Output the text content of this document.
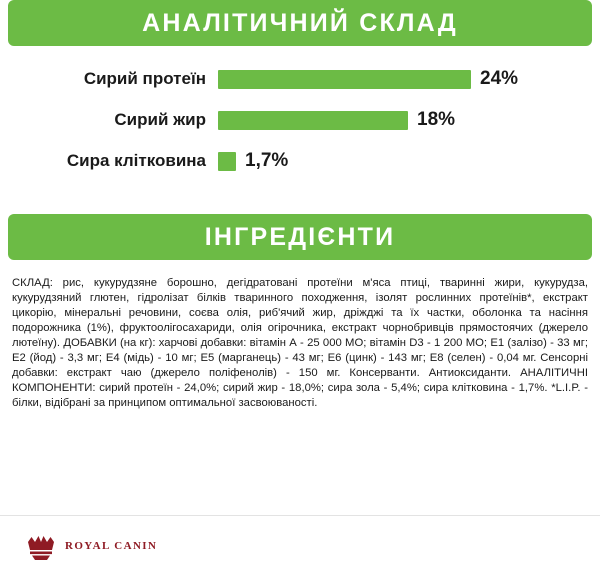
АНАЛІТИЧНИЙ СКЛАД
Сирий протеїн	24%
Сирий жир	18%
Сира клітковина	1,7%
ІНГРЕДІЄНТИ
СКЛАД: рис, кукурудзяне борошно, дегідратовані протеїни м'яса птиці, тваринні жири, кукурудза, кукурудзяний глютен, гідролізат білків тваринного походження, ізолят рослинних протеїнів*, екстракт цикорію, мінеральні речовини, соєва олія, риб'ячий жир, дріжджі та їх частки, оболонка та насіння подорожника (1%), фруктоолігосахариди, олія огірочника, екстракт чорнобривців прямостоячих (джерело лютеїну). ДОБАВКИ (на кг): харчові добавки: вітамін А - 25 000 МО; вітамін D3 - 1 200 МО; Е1 (залізо) - 33 мг; Е2 (йод) - 3,3 мг; Е4 (мідь) - 10 мг; Е5 (марганець) - 43 мг; Е6 (цинк) - 143 мг; Е8 (селен) - 0,04 мг. Сенсорні добавки: екстракт чаю (джерело поліфенолів) - 150 мг. Консерванти. Антиоксиданти. АНАЛІТИЧНІ КОМПОНЕНТИ: сирий протеїн - 24,0%; сирий жир - 18,0%; сира зола - 5,4%; сира клітковина - 1,7%. *L.I.P. - білки, відібрані за принципом оптимальної засвоюваності.
ROYAL CANIN
